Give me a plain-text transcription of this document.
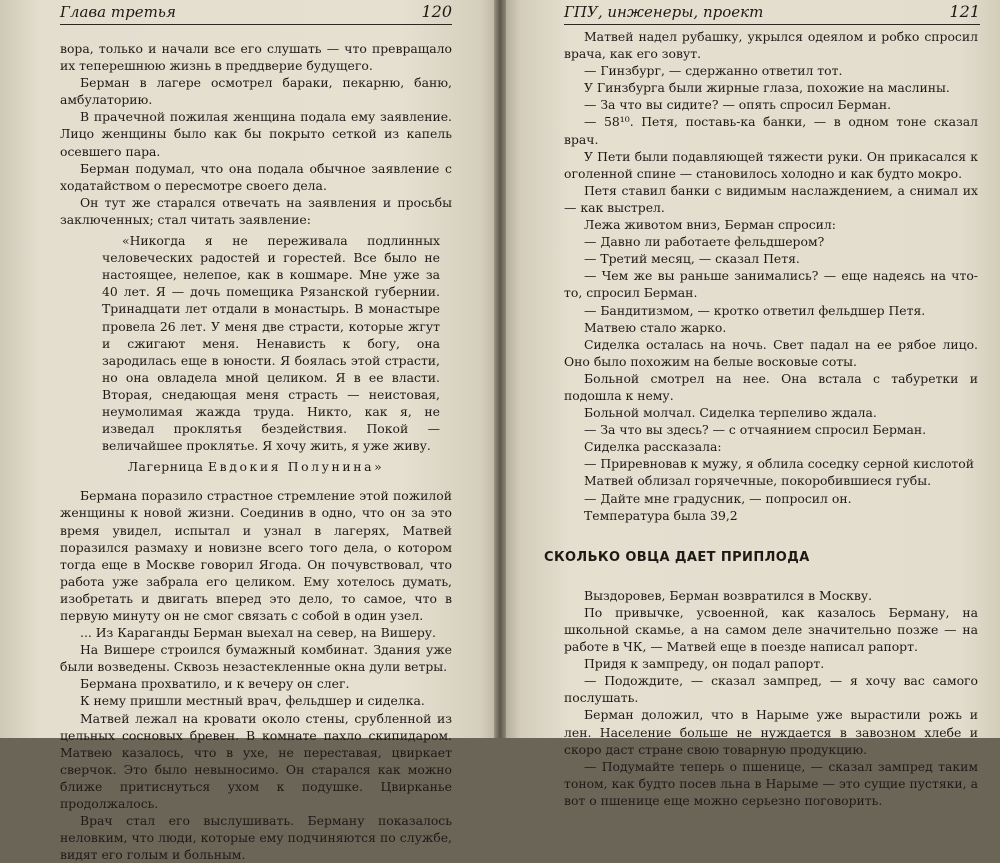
Глава третья	120

вора, только и начали все его слушать — что превращало их теперешнюю жизнь в преддверие будущего.

Берман в лагере осмотрел бараки, пекарню, баню, амбулаторию.

В прачечной пожилая женщина подала ему заявление. Лицо женщины было как бы покрыто сеткой из капель осевшего пара.

Берман подумал, что она подала обычное заявление с ходатайством о пересмотре своего дела.

Он тут же старался отвечать на заявления и просьбы заключенных; стал читать заявление:

«Никогда я не переживала подлинных человеческих радостей и горестей. Все было не настоящее, нелепое, как в кошмаре. Мне уже за 40 лет. Я — дочь помещика Рязанской губернии. Тринадцати лет отдали в монастырь. В монастыре провела 26 лет. У меня две страсти, которые жгут и сжигают меня. Ненависть к богу, она зародилась еще в юности. Я боялась этой страсти, но она овладела мной целиком. Я в ее власти. Вторая, снедающая меня страсть — неистовая, неумолимая жажда труда. Никто, как я, не изведал проклятья бездействия. Покой — величайшее проклятье. Я хочу жить, я уже живу.

Лагерница Евдокия Полунина»

Бермана поразило страстное стремление этой пожилой женщины к новой жизни. Соединив в одно, что он за это время увидел, испытал и узнал в лагерях, Матвей поразился размаху и новизне всего того дела, о котором тогда еще в Москве говорил Ягода. Он почувствовал, что работа уже забрала его целиком. Ему хотелось думать, изобретать и двигать вперед это дело, то самое, что в первую минуту он не смог связать с собой в один узел.

... Из Караганды Берман выехал на север, на Вишеру.

На Вишере строился бумажный комбинат. Здания уже были возведены. Сквозь незастекленные окна дули ветры.

Бермана прохватило, и к вечеру он слег.

К нему пришли местный врач, фельдшер и сиделка.

Матвей лежал на кровати около стены, срубленной из цельных сосновых бревен. В комнате пахло скипидаром. Матвею казалось, что в ухе, не переставая, цвиркает сверчок. Это было невыносимо. Он старался как можно ближе притиснуться ухом к подушке. Цвирканье продолжалось.

Врач стал его выслушивать. Берману показалось неловким, что люди, которые ему подчиняются по службе, видят его голым и больным.

ГПУ, инженеры, проект	121

Матвей надел рубашку, укрылся одеялом и робко спросил врача, как его зовут.

— Гинзбург, — сдержанно ответил тот.

У Гинзбурга были жирные глаза, похожие на маслины.

— За что вы сидите? — опять спросил Берман.

— 58¹⁰. Петя, поставь-ка банки, — в одном тоне сказал врач.

У Пети были подавляющей тяжести руки. Он прикасался к оголенной спине — становилось холодно и как будто мокро.

Петя ставил банки с видимым наслаждением, а снимал их — как выстрел.

Лежа животом вниз, Берман спросил:

— Давно ли работаете фельдшером?

— Третий месяц, — сказал Петя.

— Чем же вы раньше занимались? — еще надеясь на что-то, спросил Берман.

— Бандитизмом, — кротко ответил фельдшер Петя.

Матвею стало жарко.

Сиделка осталась на ночь. Свет падал на ее рябое лицо. Оно было похожим на белые восковые соты.

Больной смотрел на нее. Она встала с табуретки и подошла к нему.

Больной молчал. Сиделка терпеливо ждала.

— За что вы здесь? — с отчаянием спросил Берман.

Сиделка рассказала:

— Приревновав к мужу, я облила соседку серной кислотой

Матвей облизал горячечные, покоробившиеся губы.

— Дайте мне градусник, — попросил он.

Температура была 39,2

СКОЛЬКО ОВЦА ДАЕТ ПРИПЛОДА

Выздоровев, Берман возвратился в Москву.

По привычке, усвоенной, как казалось Берману, на школьной скамье, а на самом деле значительно позже — на работе в ЧК, — Матвей еще в поезде написал рапорт.

Придя к зампреду, он подал рапорт.

— Подождите, — сказал зампред, — я хочу вас самого послушать.

Берман доложил, что в Нарыме уже вырастили рожь и лен. Население больше не нуждается в завозном хлебе и скоро даст стране свою товарную продукцию.

— Подумайте теперь о пшенице, — сказал зампред таким тоном, как будто посев льна в Нарыме — это сущие пустяки, а вот о пшенице еще можно серьезно поговорить.
